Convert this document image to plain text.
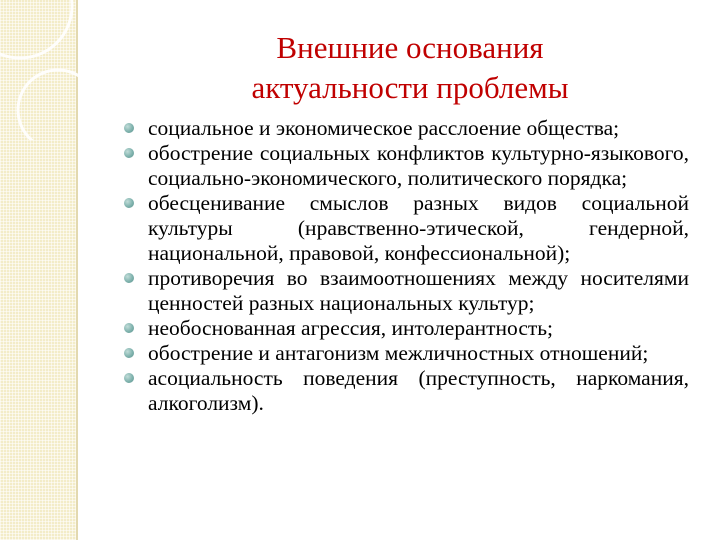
Внешние основания
актуальности проблемы
социальное и экономическое расслоение общества;
обострение социальных конфликтов культурно-языкового, социально-экономического, политического порядка;
обесценивание смыслов разных видов социальной культуры (нравственно-этической, гендерной, национальной, правовой, конфессиональной);
противоречия во взаимоотношениях между носителями ценностей разных национальных культур;
необоснованная агрессия, интолерантность;
обострение и антагонизм межличностных отношений;
асоциальность поведения (преступность, наркомания, алкоголизм).
